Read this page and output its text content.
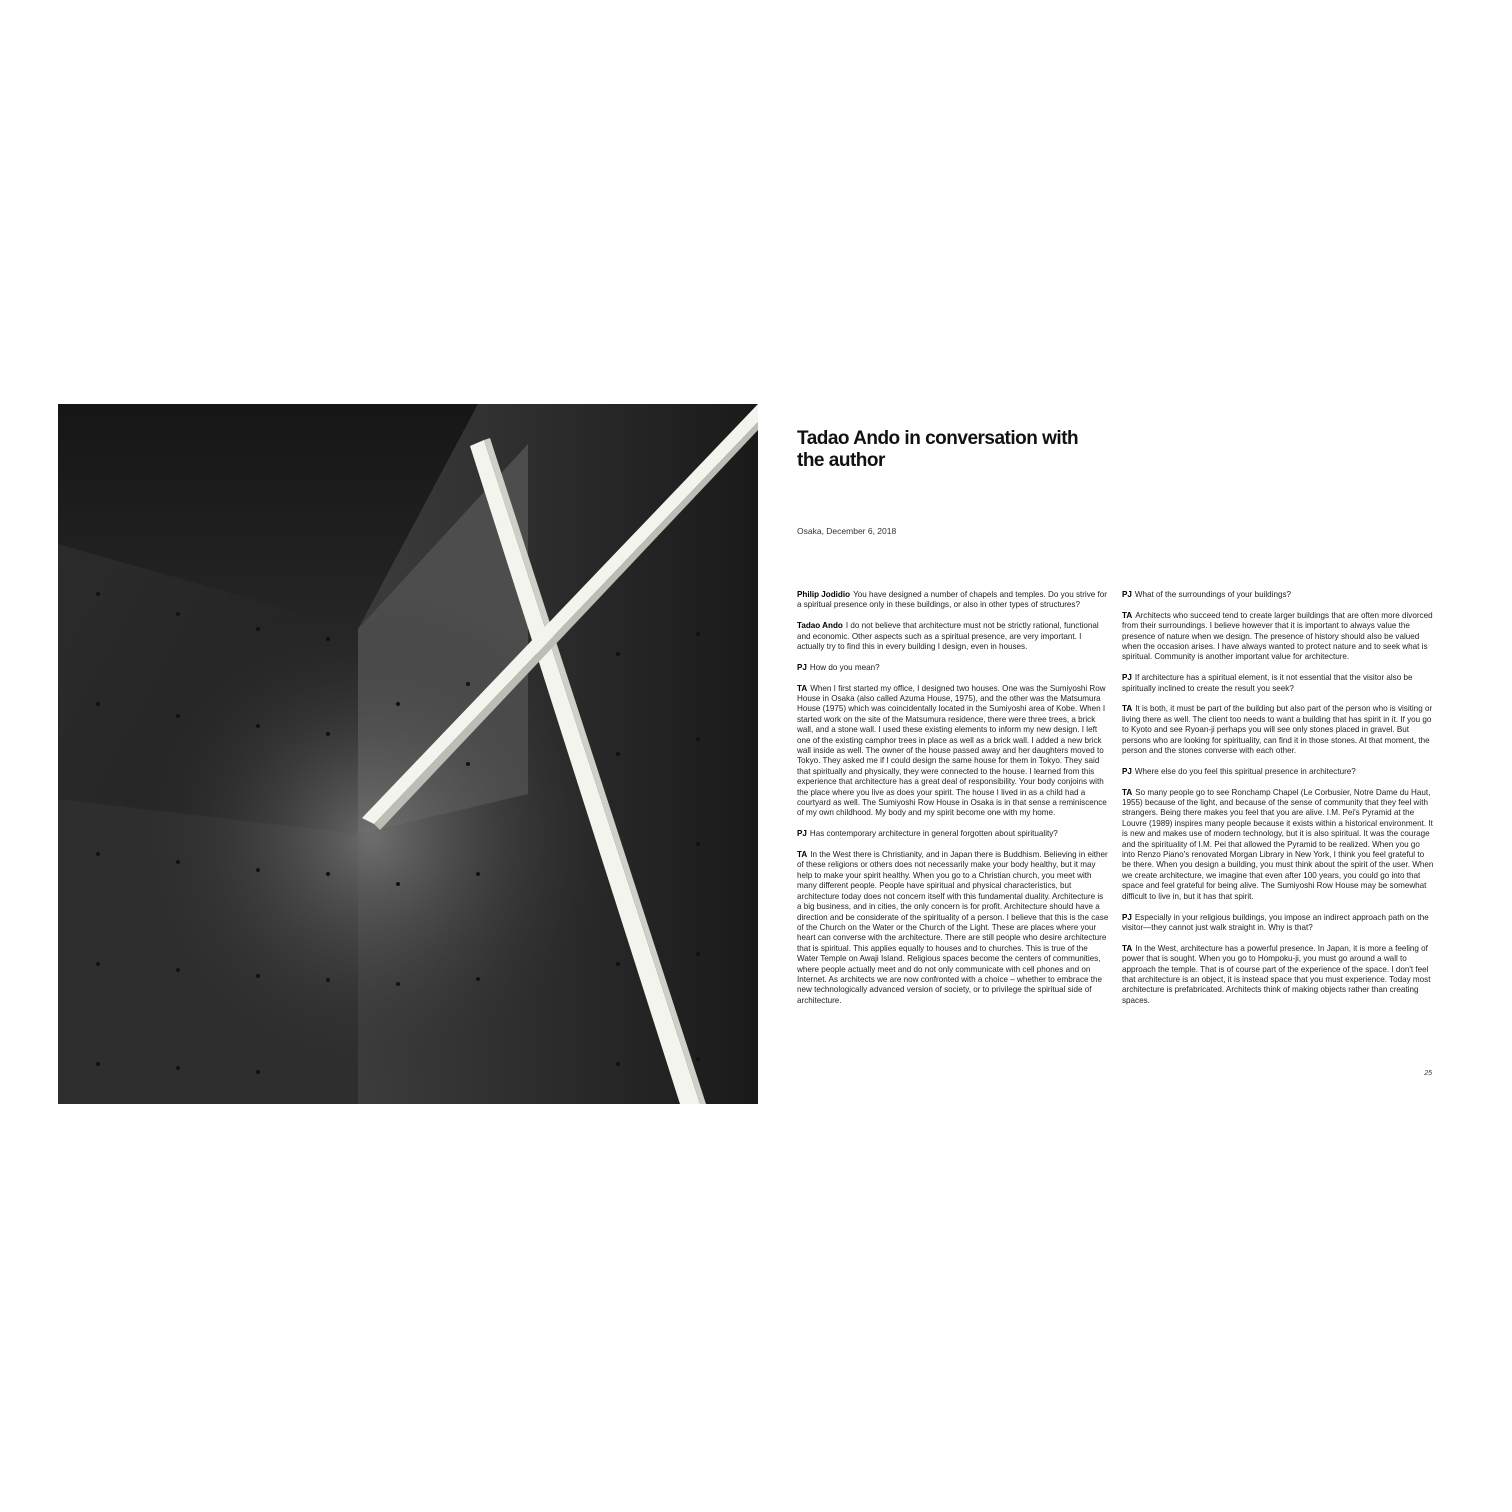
Tadao Ando in conversation with the author
Osaka, December 6, 2018

Philip Jodidio You have designed a number of chapels and temples. Do you strive for a spiritual presence only in these buildings, or also in other types of structures?

Tadao Ando I do not believe that architecture must not be strictly rational, functional and economic. Other aspects such as a spiritual presence, are very important. I actually try to find this in every building I design, even in houses.

PJ How do you mean?

TA When I first started my office, I designed two houses. One was the Sumiyoshi Row House in Osaka (also called Azuma House, 1975), and the other was the Matsumura House (1975) which was coincidentally located in the Sumiyoshi area of Kobe. When I started work on the site of the Matsumura residence, there were three trees, a brick wall, and a stone wall. I used these existing elements to inform my new design. I left one of the existing camphor trees in place as well as a brick wall. I added a new brick wall inside as well. The owner of the house passed away and her daughters moved to Tokyo. They asked me if I could design the same house for them in Tokyo. They said that spiritually and physically, they were connected to the house. I learned from this experience that architecture has a great deal of responsibility. Your body conjoins with the place where you live as does your spirit. The house I lived in as a child had a courtyard as well. The Sumiyoshi Row House in Osaka is in that sense a reminiscence of my own childhood. My body and my spirit become one with my home.

PJ Has contemporary architecture in general forgotten about spirituality?

TA In the West there is Christianity, and in Japan there is Buddhism. Believing in either of these religions or others does not necessarily make your body healthy, but it may help to make your spirit healthy. When you go to a Christian church, you meet with many different people. People have spiritual and physical characteristics, but architecture today does not concern itself with this fundamental duality. Architecture is a big business, and in cities, the only concern is for profit. Architecture should have a direction and be considerate of the spirituality of a person. I believe that this is the case of the Church on the Water or the Church of the Light. These are places where your heart can converse with the architecture. There are still people who desire architecture that is spiritual. This applies equally to houses and to churches. This is true of the Water Temple on Awaji Island. Religious spaces become the centers of communities, where people actually meet and do not only communicate with cell phones and on Internet. As architects we are now confronted with a choice – whether to embrace the new technologically advanced version of society, or to privilege the spiritual side of architecture.

PJ What of the surroundings of your buildings?

TA Architects who succeed tend to create larger buildings that are often more divorced from their surroundings. I believe however that it is important to always value the presence of nature when we design. The presence of history should also be valued when the occasion arises. I have always wanted to protect nature and to seek what is spiritual. Community is another important value for architecture.

PJ If architecture has a spiritual element, is it not essential that the visitor also be spiritually inclined to create the result you seek?

TA It is both, it must be part of the building but also part of the person who is visiting or living there as well. The client too needs to want a building that has spirit in it. If you go to Kyoto and see Ryoan-ji perhaps you will see only stones placed in gravel. But persons who are looking for spirituality, can find it in those stones. At that moment, the person and the stones converse with each other.

PJ Where else do you feel this spiritual presence in architecture?

TA So many people go to see Ronchamp Chapel (Le Corbusier, Notre Dame du Haut, 1955) because of the light, and because of the sense of community that they feel with strangers. Being there makes you feel that you are alive. I.M. Pei's Pyramid at the Louvre (1989) inspires many people because it exists within a historical environment. It is new and makes use of modern technology, but it is also spiritual. It was the courage and the spirituality of I.M. Pei that allowed the Pyramid to be realized. When you go into Renzo Piano's renovated Morgan Library in New York, I think you feel grateful to be there. When you design a building, you must think about the spirit of the user. When we create architecture, we imagine that even after 100 years, you could go into that space and feel grateful for being alive. The Sumiyoshi Row House may be somewhat difficult to live in, but it has that spirit.

PJ Especially in your religious buildings, you impose an indirect approach path on the visitor—they cannot just walk straight in. Why is that?

TA In the West, architecture has a powerful presence. In Japan, it is more a feeling of power that is sought. When you go to Hompoku-ji, you must go around a wall to approach the temple. That is of course part of the experience of the space. I don't feel that architecture is an object, it is instead space that you must experience. Today most architecture is prefabricated. Architects think of making objects rather than creating spaces.

25
